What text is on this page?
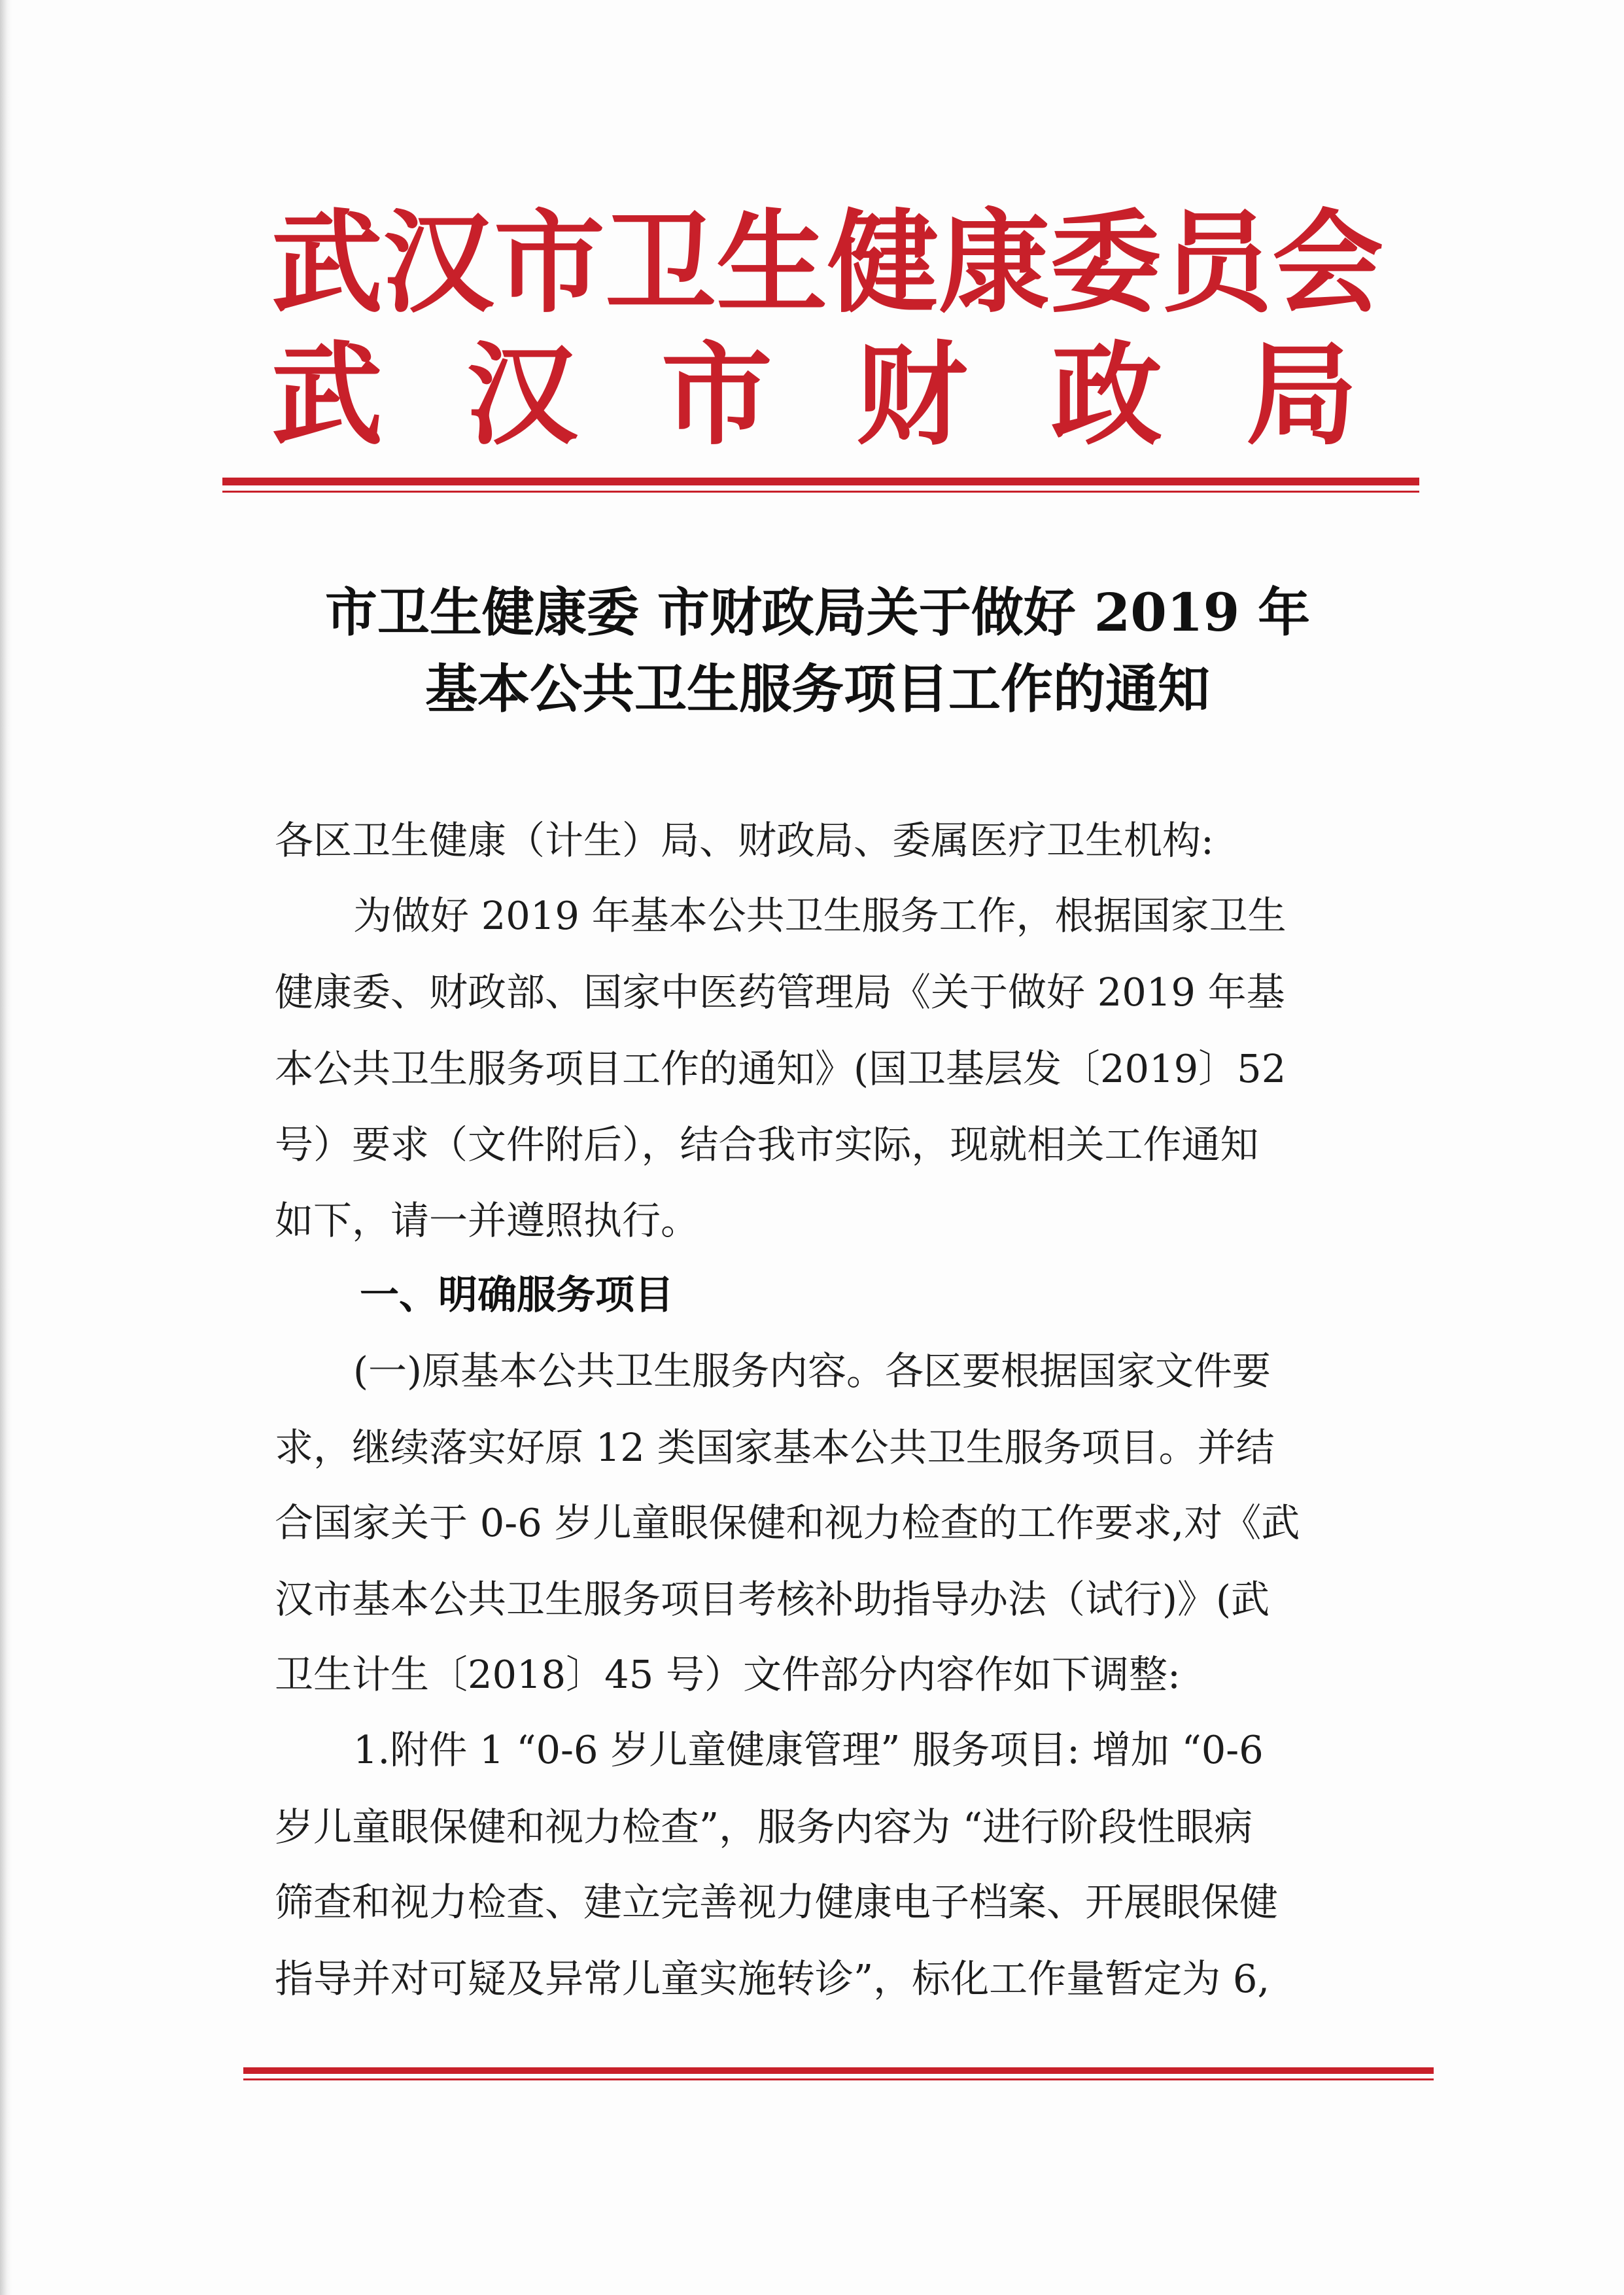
武 汉 市 卫 生 健 康 委 员 会
武 汉 市 财 政 局
市卫生健康委 市财政局关于做好 2019 年
基本公共卫生服务项目工作的通知
各区卫生健康（计生）局、财政局、委属医疗卫生机构:
为做好 2019 年基本公共卫生服务工作，根据国家卫生
健康委、财政部、国家中医药管理局《关于做好 2019 年基
本公共卫生服务项目工作的通知》(国卫基层发〔2019〕52
号）要求（文件附后），结合我市实际，现就相关工作通知
如下，请一并遵照执行。
一、明确服务项目
(一)原基本公共卫生服务内容。各区要根据国家文件要
求，继续落实好原 12 类国家基本公共卫生服务项目。并结
合国家关于 0-6 岁儿童眼保健和视力检查的工作要求,对《武
汉市基本公共卫生服务项目考核补助指导办法（试行)》(武
卫生计生〔2018〕45 号）文件部分内容作如下调整:
1.附件 1 “0-6 岁儿童健康管理” 服务项目: 增加 “0-6
岁儿童眼保健和视力检查”，服务内容为 “进行阶段性眼病
筛查和视力检查、建立完善视力健康电子档案、开展眼保健
指导并对可疑及异常儿童实施转诊”，标化工作量暂定为 6,
